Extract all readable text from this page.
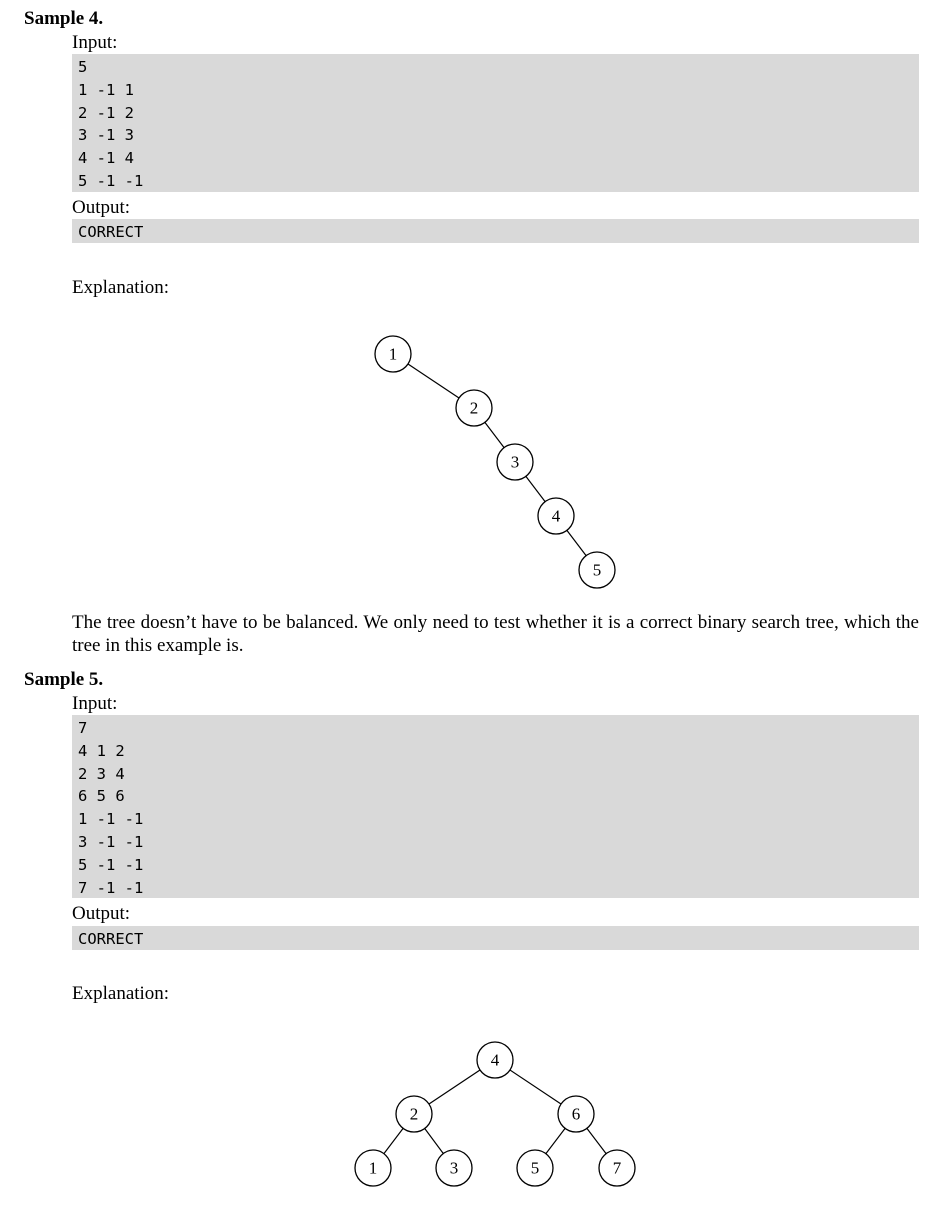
Sample 4.
Input:
5
1 -1 1
2 -1 2
3 -1 3
4 -1 4
5 -1 -1
Output:
CORRECT
Explanation:
1
2
3
4
5
4
2	6
1	3	5	7
The tree doesn’t have to be balanced. We only need to test whether it is a correct binary search tree, which the tree in this example is.
Sample 5.
Input:
7
4 1 2
2 3 4
6 5 6
1 -1 -1
3 -1 -1
5 -1 -1
7 -1 -1
Output:
CORRECT
Explanation:
